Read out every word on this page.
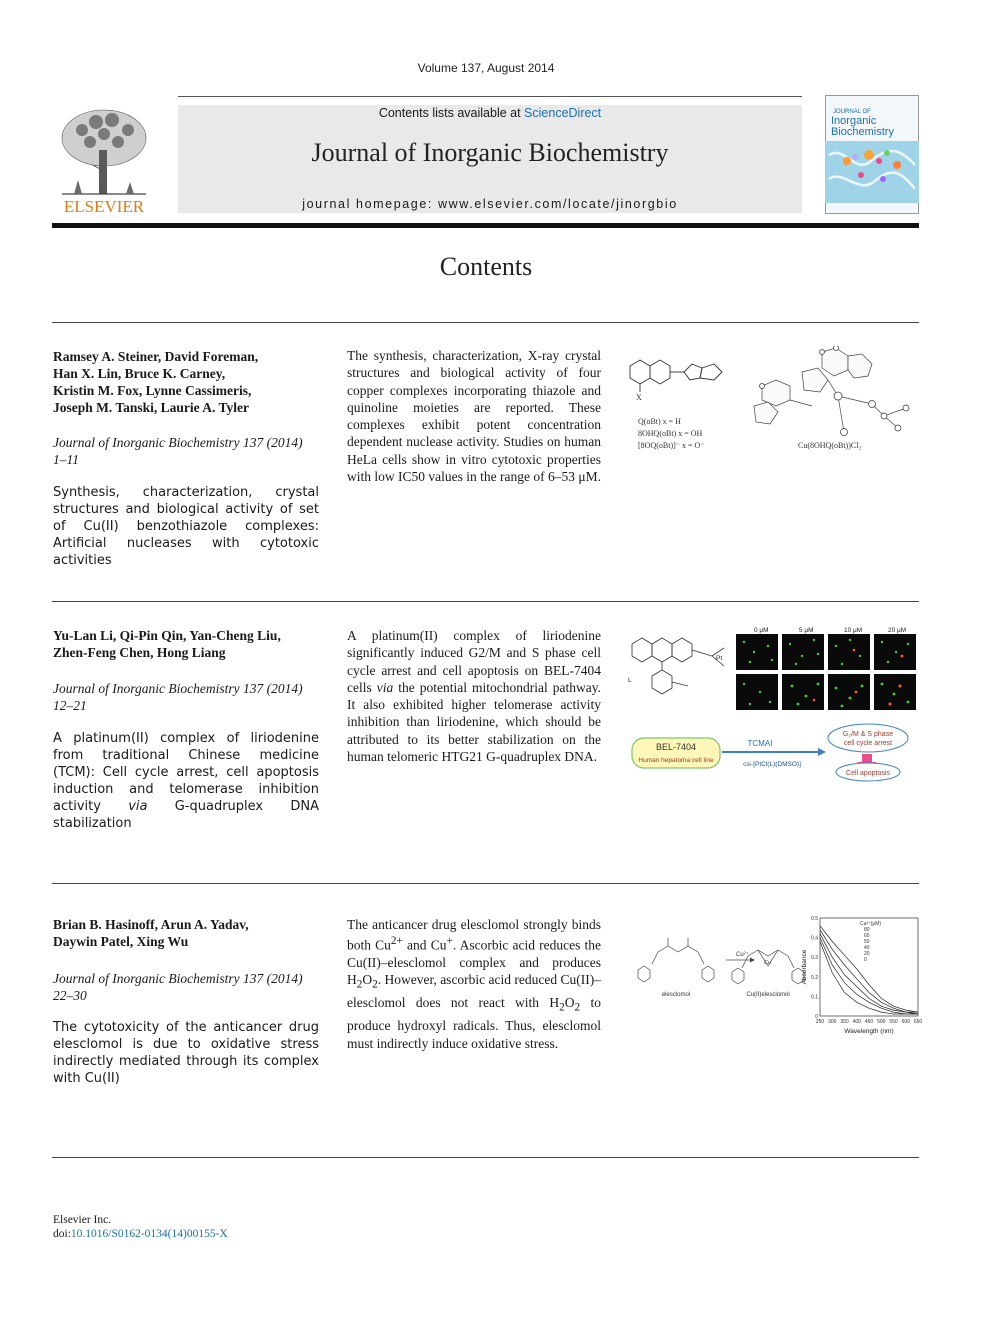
Volume 137, August 2014
ELSEVIER
Contents lists available at ScienceDirect
Journal of Inorganic Biochemistry
journal homepage: www.elsevier.com/locate/jinorgbio
JOURNAL OF
Inorganic
Biochemistry
Contents
Ramsey A. Steiner, David Foreman,
Han X. Lin, Bruce K. Carney,
Kristin M. Fox, Lynne Cassimeris,
Joseph M. Tanski, Laurie A. Tyler
Journal of Inorganic Biochemistry 137 (2014)
1–11
Synthesis, characterization, crystal structures and biological activity of set of Cu(II) benzothiazole complexes: Artificial nucleases with cytotoxic activities
The synthesis, characterization, X-ray crystal structures and biological activity of four copper complexes incorporating thiazole and quinoline moieties are reported. These complexes exhibit potent concentration dependent nuclease activity. Studies on human HeLa cells show in vitro cytotoxic properties with low IC50 values in the range of 6–53 μM.
X
Q(oBt) x = H
8OHQ(oBt) x = OH
[8OQ(oBt)]⁻ x = O⁻	Cu(8OHQ(oBt))Cl₂
Yu-Lan Li, Qi-Pin Qin, Yan-Cheng Liu,
Zhen-Feng Chen, Hong Liang
Journal of Inorganic Biochemistry 137 (2014)
12–21
A platinum(II) complex of liriodenine from traditional Chinese medicine (TCM): Cell cycle arrest, cell apoptosis induction and telomerase inhibition activity via G-quadruplex DNA stabilization
A platinum(II) complex of liriodenine significantly induced G2/M and S phase cell cycle arrest and cell apoptosis on BEL-7404 cells via the potential mitochondrial pathway. It also exhibited higher telomerase activity inhibition than liriodenine, which should be attributed to its better stabilization on the human telomeric HTG21 G-quadruplex DNA.
Pt
L
0 μM	5 μM	10 μM	20 μM
BEL-7404
Human hepatoma cell line
TCMAI
cis-[PtCl(L)(DMSO)]
G₂/M & S phase
cell cycle arrest
Cell apoptosis
Brian B. Hasinoff, Arun A. Yadav,
Daywin Patel, Xing Wu
Journal of Inorganic Biochemistry 137 (2014)
22–30
The cytotoxicity of the anticancer drug elesclomol is due to oxidative stress indirectly mediated through its complex with Cu(II)
The anticancer drug elesclomol strongly binds both $Cu^{2+}$ and Cu+. Ascorbic acid reduces the Cu(II)–elesclomol complex and produces $H_2O_2$. However, ascorbic acid reduced Cu(II)–elesclomol does not react with $H_2O_2$ to produce hydroxyl radicals. Thus, elesclomol must indirectly induce oxidative stress.
elesclomol
Cu²⁺
Cu
Cu(II)elesclomol
250 300 350 400 450 500 550 600 650
0
0.1
0.2
0.3
0.4
0.5
Wavelength (nm)
Absorbance
Cu²⁺(μM)
80
60
50
40
20
0
Elsevier Inc.
doi:10.1016/S0162-0134(14)00155-X
